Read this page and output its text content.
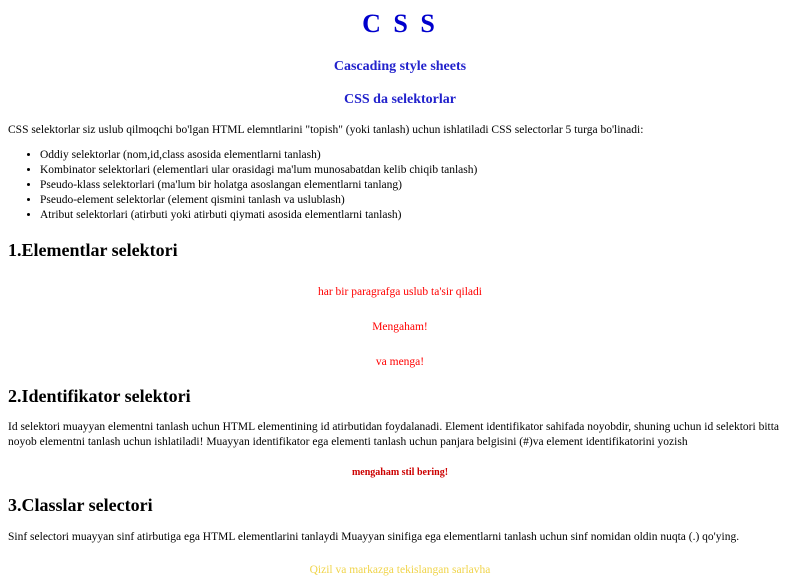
C S S
Cascading style sheets
CSS da selektorlar

CSS selektorlar siz uslub qilmoqchi bo'lgan HTML elemntlarini "topish" (yoki tanlash) uchun ishlatiladi CSS selectorlar 5 turga bo'linadi:

• Oddiy selektorlar (nom,id,class asosida elementlarni tanlash)
• Kombinator selektorlari (elementlari ular orasidagi ma'lum munosabatdan kelib chiqib tanlash)
• Pseudo-klass selektorlari (ma'lum bir holatga asoslangan elementlarni tanlang)
• Pseudo-element selektorlar (element qismini tanlash va uslublash)
• Atribut selektorlari (atirbuti yoki atirbuti qiymati asosida elementlarni tanlash)
1.Elementlar selektori

har bir paragrafga uslub ta'sir qiladi

Mengaham!

va menga!

2.Identifikator selektori

Id selektori muayyan elementni tanlash uchun HTML elementining id atirbutidan foydalanadi. Element identifikator sahifada noyobdir, shuning uchun id selektori bitta noyob elementni tanlash uchun ishlatiladi! Muayyan identifikator ega elementi tanlash uchun panjara belgisini (#)va element identifikatorini yozish

mengaham stil bering!

3.Classlar selectori

Sinf selectori muayyan sinf atirbutiga ega HTML elementlarini tanlaydi Muayyan sinifiga ega elementlarni tanlash uchun sinf nomidan oldin nuqta (.) qo'ying.

Qizil va markazga tekislangan sarlavha
